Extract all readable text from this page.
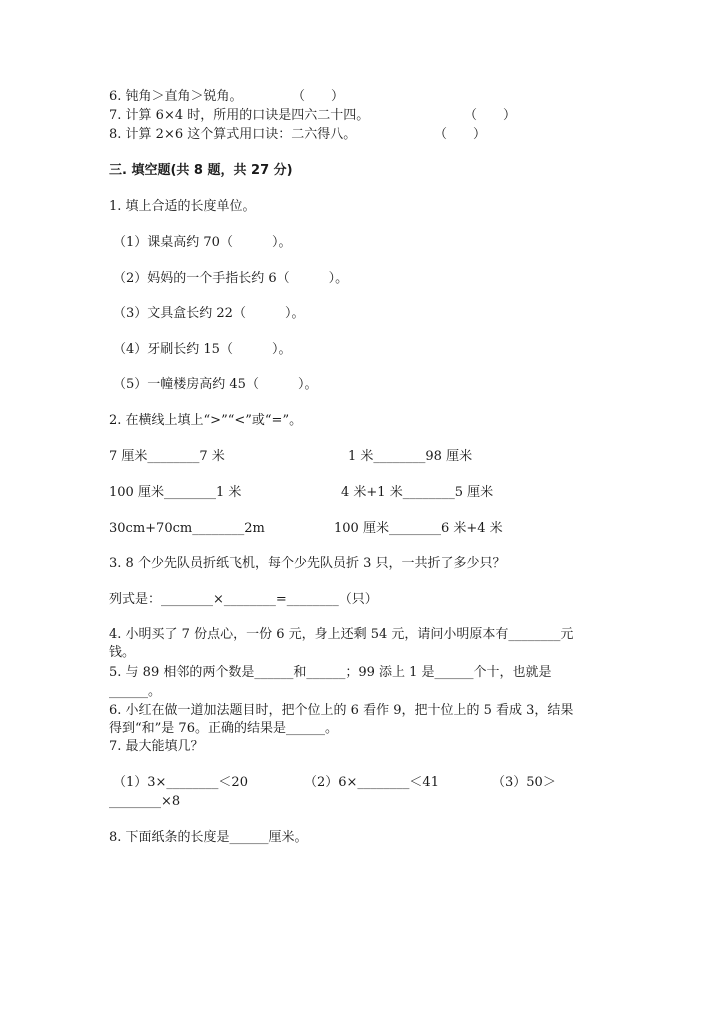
6. 钝角＞直角＞锐角。	（　　）
7. 计算 6×4 时，所用的口诀是四六二十四。	（　　）
8. 计算 2×6 这个算式用口诀：二六得八。	（　　）
三. 填空题(共 8 题，共 27 分)
1. 填上合适的长度单位。
（1）课桌高约 70（　　　）。
（2）妈妈的一个手指长约 6（　　　）。
（3）文具盒长约 22（　　　）。
（4）牙刷长约 15（　　　）。
（5）一幢楼房高约 45（　　　）。
2. 在横线上填上“>”“<”或“=”。
7 厘米________7 米	1 米________98 厘米
100 厘米________1 米	4 米+1 米________5 厘米
30cm+70cm________2m	100 厘米________6 米+4 米
3. 8 个少先队员折纸飞机，每个少先队员折 3 只，一共折了多少只？
列式是：________×________=________（只）
4. 小明买了 7 份点心，一份 6 元，身上还剩 54 元，请问小明原本有________元
钱。
5. 与 89 相邻的两个数是______和______；99 添上 1 是______个十，也就是
______。
6. 小红在做一道加法题目时，把个位上的 6 看作 9，把十位上的 5 看成 3，结果
得到“和”是 76。正确的结果是______。
7. 最大能填几？
（1）3×________＜20	（2）6×________＜41	（3）50＞
________×8
8. 下面纸条的长度是______厘米。
